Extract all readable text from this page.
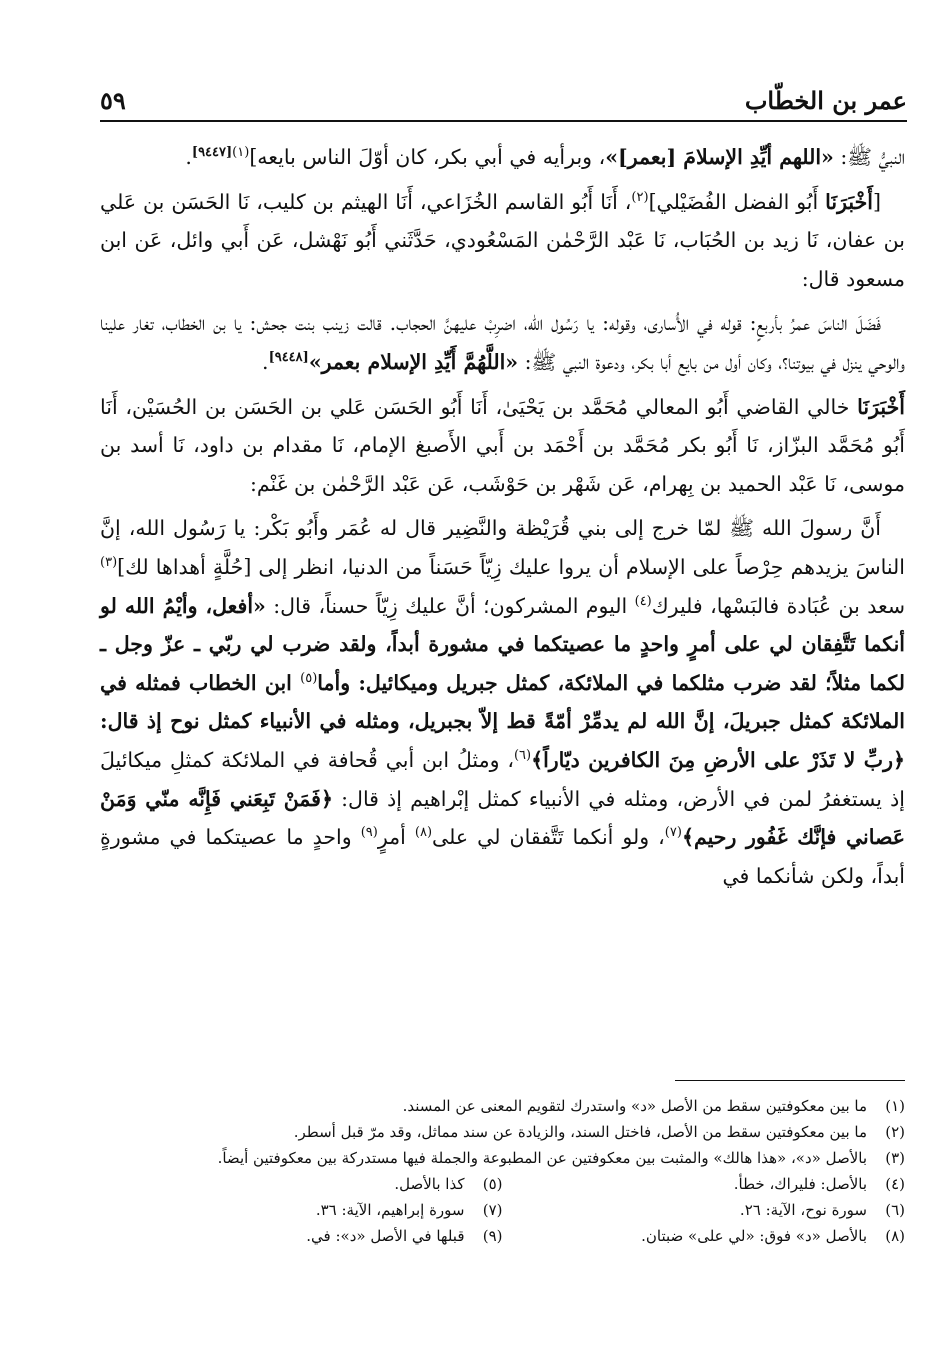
عمر بن الخطّاب
٥٩

النبيُّ ﷺ: «اللهم أيِّدِ الإسلامَ [بعمر]»، وبرأيه في أبي بكر، كان أوّلَ الناس بايعه]$^{(١)[٩٤٤٧]}$.

[أَخْبَرَنَا أَبُو الفضل الفُضَيْلي]$^{(٢)}$، أَنَا أَبُو القاسم الخُزَاعي، أَنَا الهيثم بن كليب، نَا الحَسَن بن عَلي بن عفان، نَا زيد بن الحُبَاب، نَا عَبْد الرَّحْمٰن المَسْعُودي، حَدَّثَني أَبُو نَهْشل، عَن أَبي وائل، عَن ابن مسعود قال:

فَضَلَ الناسَ عمرُ بأربعٍ: قوله في الأُسارى، وقوله: يا رَسُول الله، اضرِبْ عليهنَّ الحجاب. قالت زينب بنت جحش: يا بن الخطاب، تغار علينا والوحي ينزل في بيوتنا؟، وكان أول من بايع أبا بكر، ودعوة النبي ﷺ: «اللَّهُمَّ أَيِّدِ الإسلام بعمر»[٩٤٤٨].

أَخْبَرَنَا خالي القاضي أَبُو المعالي مُحَمَّد بن يَحْيَىٰ، أَنَا أَبُو الحَسَن عَلي بن الحَسَن بن الحُسَيْن، أَنَا أَبُو مُحَمَّد البزّاز، نَا أَبُو بكر مُحَمَّد بن أَحْمَد بن أَبي الأَصبغ الإمام، نَا مقدام بن داود، نَا أسد بن موسى، نَا عَبْد الحميد بن بِهرام، عَن شَهْر بن حَوْشَب، عَن عَبْد الرَّحْمٰن بن غَنْم:

أَنَّ رسولَ الله ﷺ لمّا خرج إلى بني قُرَيْظة والنَّضِير قال له عُمَر وأَبُو بَكْر: يا رَسُول الله، إنَّ الناسَ يزيدهم حِرْصاً على الإسلام أن يروا عليك زِيّاً حَسَناً من الدنيا، انظر إلى [حُلَّةٍ أهداها لك]$^{(٣)}$ سعد بن عُبَادة فالبَسْها، فليرك$^{(٤)}$ اليوم المشركون؛ أنَّ عليك زِيّاً حسناً، قال: «أفعل، وأيْمُ الله لو أنكما تَتَّفِقان لي على أمرٍ واحدٍ ما عصيتكما في مشورة أبداً، ولقد ضرب لي ربّي ـ عزّ وجل ـ لكما مثلاً؛ لقد ضرب مثلكما في الملائكة، كمثل جبريل وميكائيل: وأما$^{(٥)}$ ابن الخطاب فمثله في الملائكة كمثل جبريلَ، إنَّ الله لم يدمِّرْ أمّةً قط إلاّ بجبريل، ومثله في الأنبياء كمثل نوح إذ قال: ﴿ربِّ لا تَذَرْ على الأرضِ مِنَ الكافرين ديّاراً﴾$^{(٦)}$، ومثلُ ابن أبي قُحافة في الملائكة كمثلِ ميكائيلَ إذ يستغفرُ لمن في الأرض، ومثله في الأنبياء كمثل إبْراهيم إذ قال: ﴿فَمَنْ تَبِعَني فَإِنَّه منّي وَمَنْ عَصاني فإنَّك غَفُور رحيم﴾$^{(٧)}$، ولو أنكما تَتَّفقان لي على$^{(٨)}$ أمرٍ$^{(٩)}$ واحدٍ ما عصيتكما في مشورةٍ أبداً، ولكن شأنكما في

(١)ما بين معكوفتين سقط من الأصل «د» واستدرك لتقويم المعنى عن المسند.
(٢)ما بين معكوفتين سقط من الأصل، فاختل السند، والزيادة عن سند مماثل، وقد مرّ قبل أسطر.
(٣)بالأصل «د»، «هذا هالك» والمثبت بين معكوفتين عن المطبوعة والجملة فيها مستدركة بين معكوفتين أيضاً.
(٤)بالأصل: فليراك، خطأ.
(٥)كذا بالأصل.
(٦)سورة نوح، الآية: ٢٦.
(٧)سورة إبراهيم، الآية: ٣٦.
(٨)بالأصل «د» فوق: «لي على» ضبتان.
(٩)قبلها في الأصل «د»: في.
